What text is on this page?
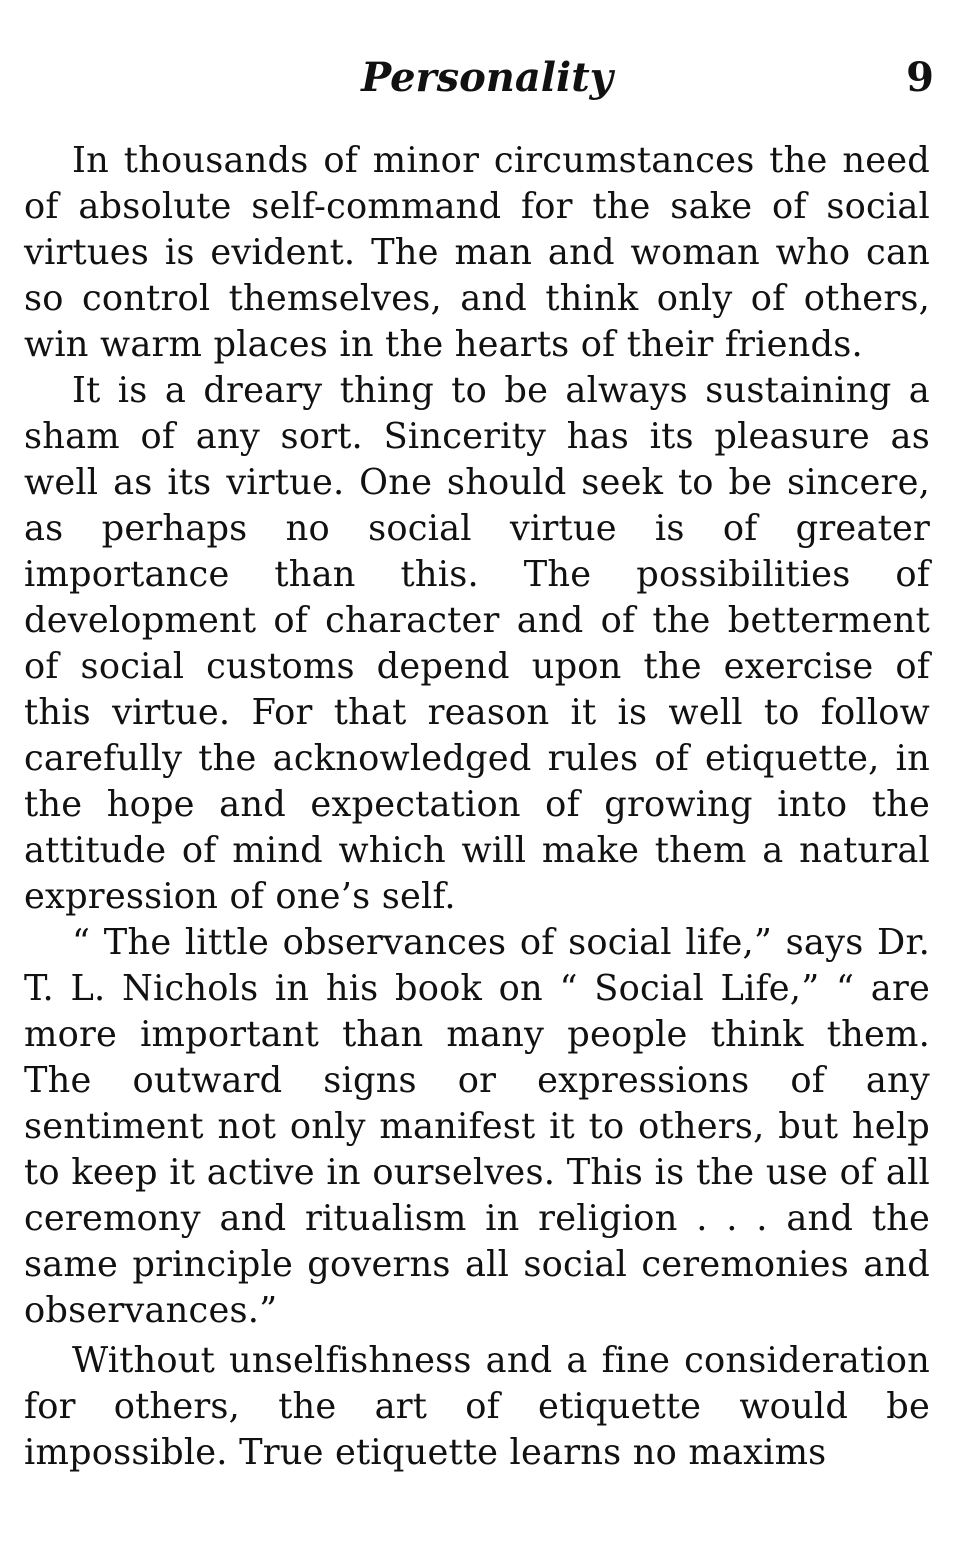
Personality	9

In thousands of minor circumstances the need of absolute self-command for the sake of social virtues is evident. The man and woman who can so control themselves, and think only of others, win warm places in the hearts of their friends.

It is a dreary thing to be always sustaining a sham of any sort. Sincerity has its pleasure as well as its virtue. One should seek to be sincere, as perhaps no social virtue is of greater importance than this. The possibilities of development of character and of the betterment of social customs depend upon the exercise of this virtue. For that reason it is well to follow carefully the acknowledged rules of etiquette, in the hope and expectation of growing into the attitude of mind which will make them a natural expression of one’s self.

“ The little observances of social life,” says Dr. T. L. Nichols in his book on “ Social Life,” “ are more important than many people think them. The outward signs or expressions of any sentiment not only manifest it to others, but help to keep it active in ourselves. This is the use of all ceremony and ritualism in religion . . . and the same principle governs all social ceremonies and observances.”

Without unselfishness and a fine consideration for others, the art of etiquette would be impossible. True etiquette learns no maxims
